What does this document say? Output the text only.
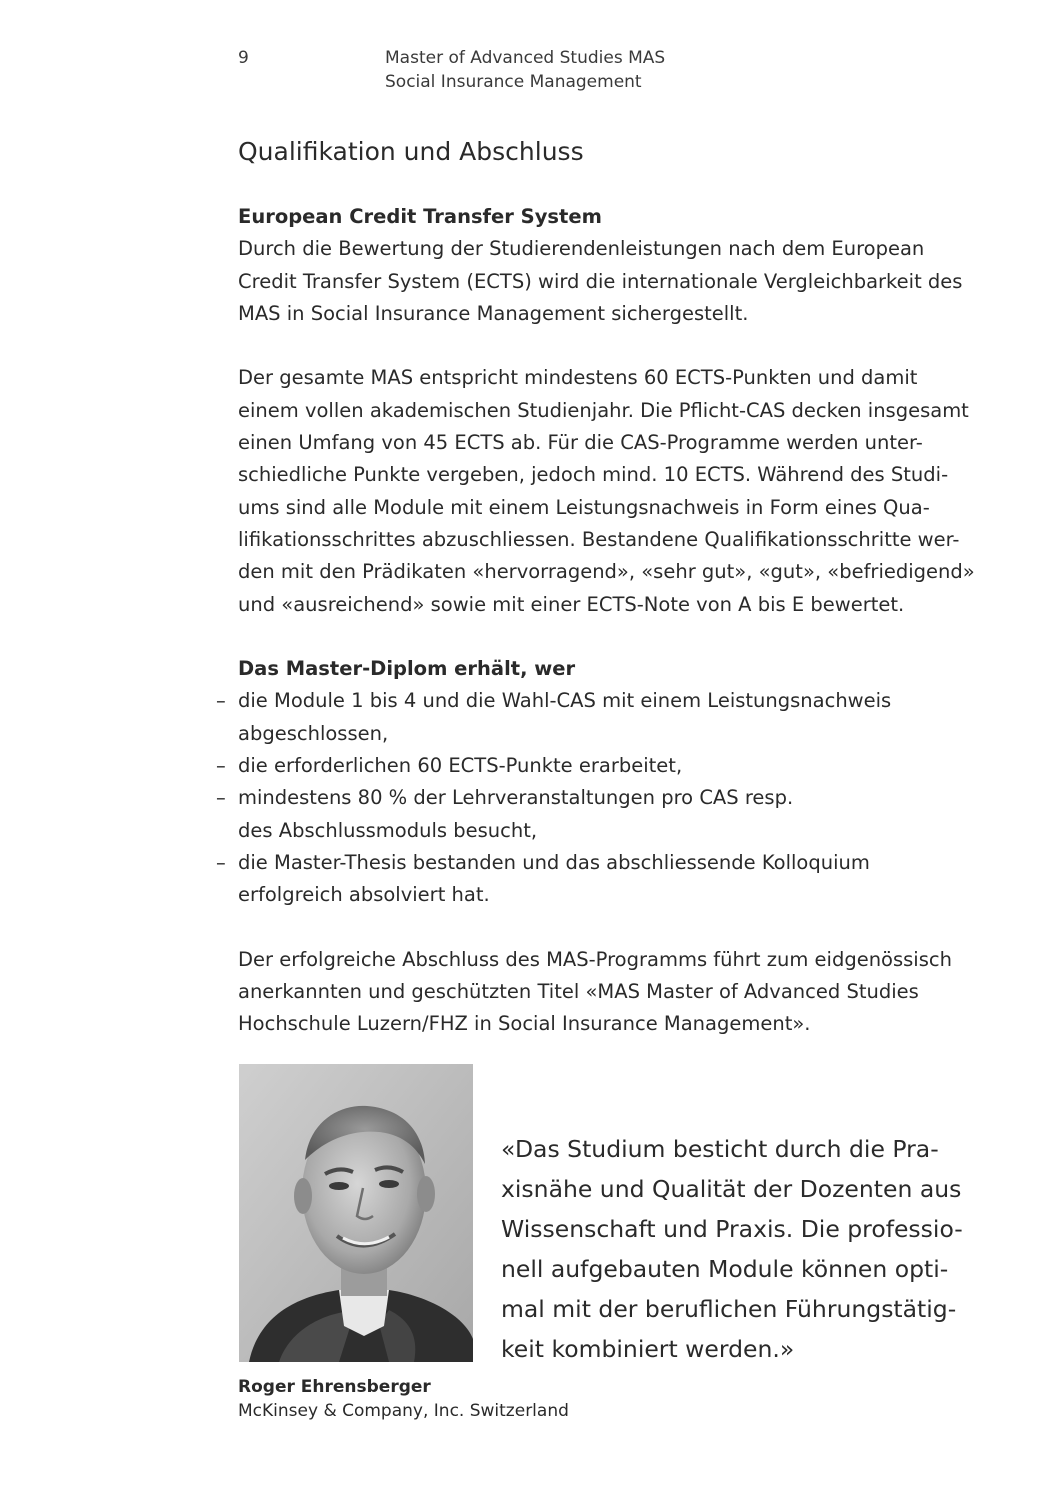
9	Master of Advanced Studies MAS
Social Insurance Management
Qualifikation und Abschluss
European Credit Transfer System
Durch die Bewertung der Studierendenleistungen nach dem European
Credit Transfer System (ECTS) wird die internationale Vergleichbarkeit des
MAS in Social Insurance Management sichergestellt.
Der gesamte MAS entspricht mindestens 60 ECTS-Punkten und damit
einem vollen akademischen Studienjahr. Die Pflicht-CAS decken insgesamt
einen Umfang von 45 ECTS ab. Für die CAS-Programme werden unter-
schiedliche Punkte vergeben, jedoch mind. 10 ECTS. Während des Studi-
ums sind alle Module mit einem Leistungsnachweis in Form eines Qua-
lifikationsschrittes abzuschliessen. Bestandene Qualifikationsschritte wer-
den mit den Prädikaten «hervorragend», «sehr gut», «gut», «befriedigend»
und «ausreichend» sowie mit einer ECTS-Note von A bis E bewertet.
Das Master-Diplom erhält, wer
– die Module 1 bis 4 und die Wahl-CAS mit einem Leistungsnachweis
abgeschlossen,
– die erforderlichen 60 ECTS-Punkte erarbeitet,
– mindestens 80 % der Lehrveranstaltungen pro CAS resp.
des Abschlussmoduls besucht,
– die Master-Thesis bestanden und das abschliessende Kolloquium
erfolgreich absolviert hat.
Der erfolgreiche Abschluss des MAS-Programms führt zum eidgenössisch
anerkannten und geschützten Titel «MAS Master of Advanced Studies
Hochschule Luzern/FHZ in Social Insurance Management».
«Das Studium besticht durch die Pra-
xisnähe und Qualität der Dozenten aus
Wissenschaft und Praxis. Die professio-
nell aufgebauten Module können opti-
mal mit der beruflichen Führungstätig-
keit kombiniert werden.»
Roger Ehrensberger
McKinsey & Company, Inc. Switzerland
